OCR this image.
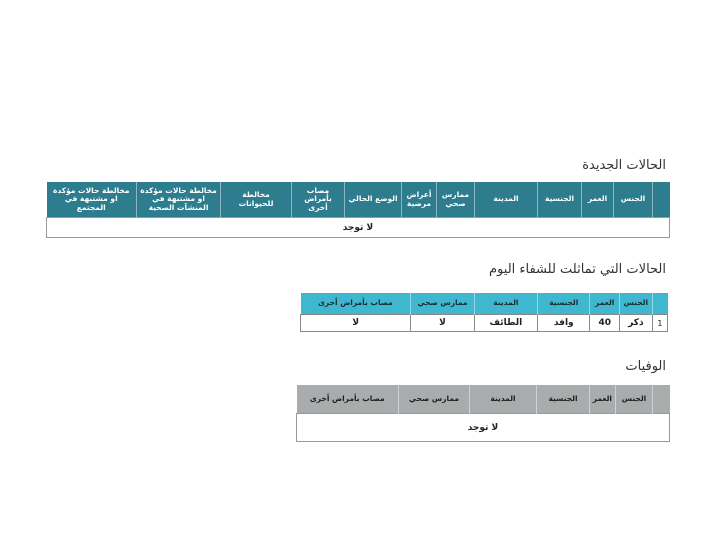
الحالات الجديدة
	الجنس	العمر	الجنسية	المدينة	ممارس صحي	أعراض مرضية	الوضع الحالي	مصاب بأمراض أخرى	مخالطة للحيوانات	مخالطة حالات مؤكدة او مشتبهة في المنشآت الصحية	مخالطة حالات مؤكدة او مشتبهة في المجتمع
لا توجد
الحالات التي تماثلت للشفاء اليوم
	الجنس	العمر	الجنسية	المدينة	ممارس صحي	مصاب بأمراض أخرى
1	ذكر	40	وافد	الطائف	لا	لا
الوفيات
	الجنس	العمر	الجنسية	المدينة	ممارس صحي	مصاب بأمراض أخرى
لا توجد
